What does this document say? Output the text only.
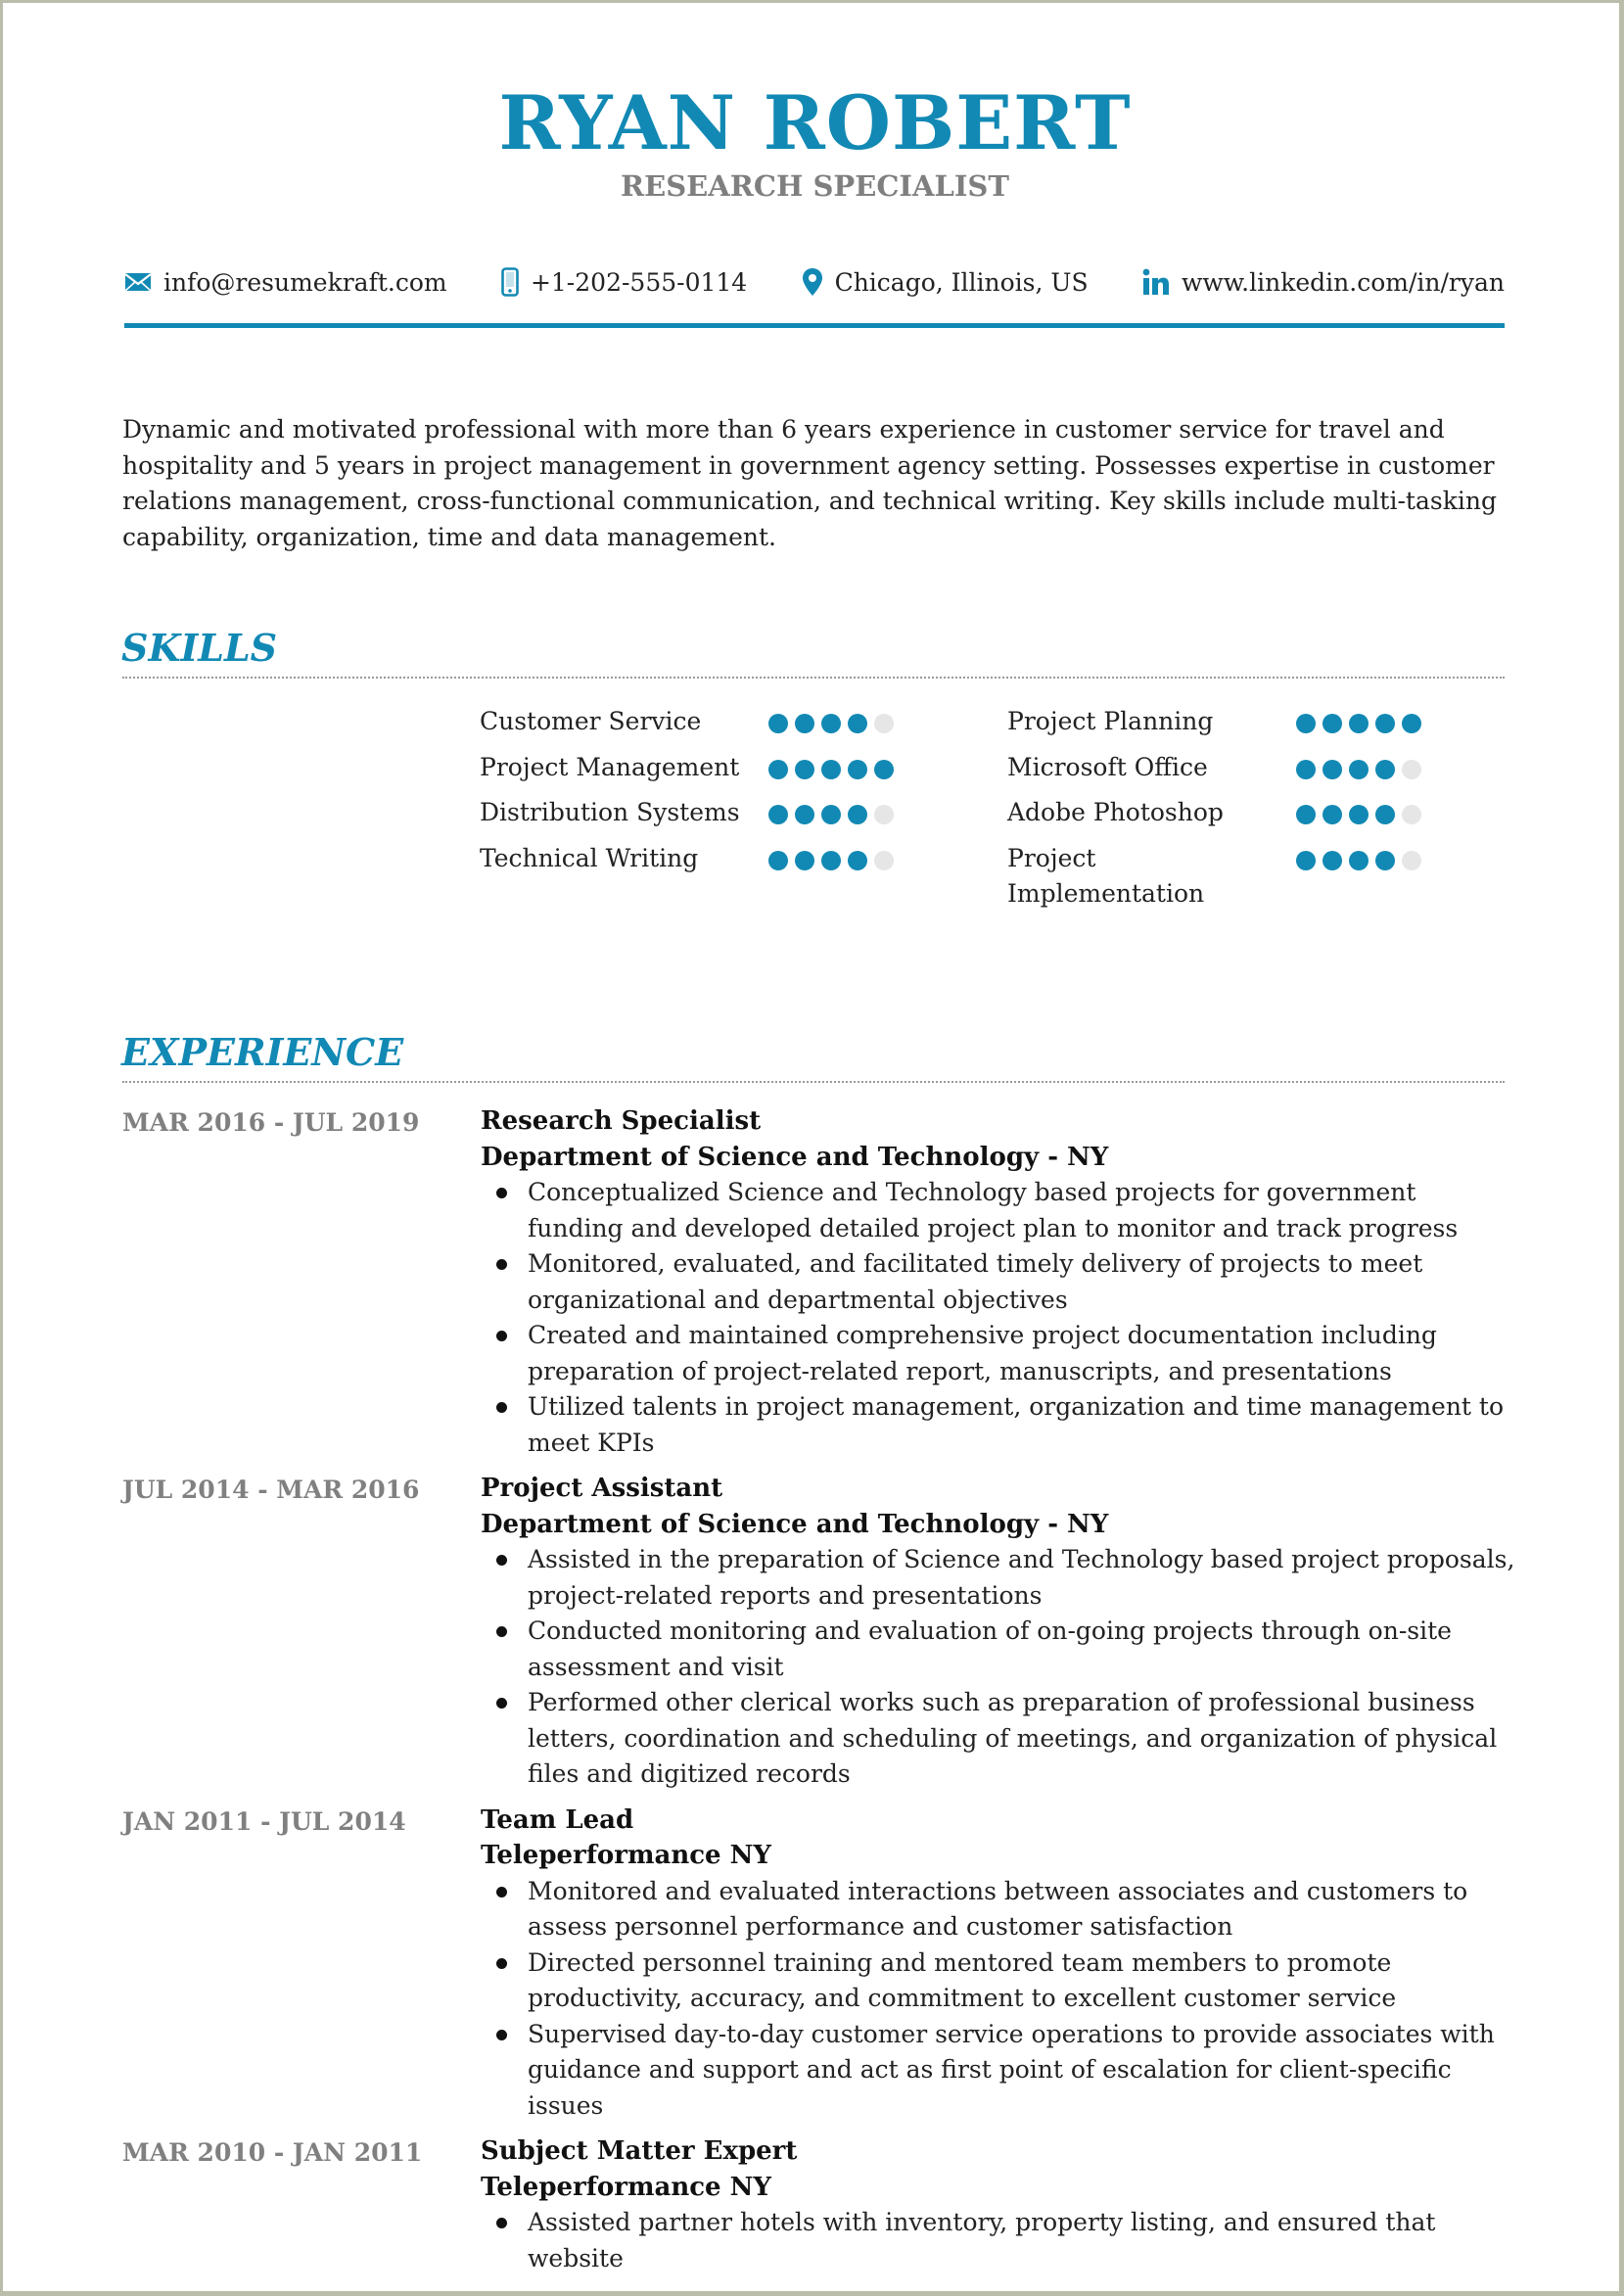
RYAN ROBERT
RESEARCH SPECIALIST
info@resumekraft.com	+1-202-555-0114	Chicago, Illinois, US	www.linkedin.com/in/ryan
Dynamic and motivated professional with more than 6 years experience in customer service for travel and hospitality and 5 years in project management in government agency setting. Possesses expertise in customer relations management, cross-functional communication, and technical writing. Key skills include multi-tasking capability, organization, time and data management.
SKILLS
Customer Service
Project Management
Distribution Systems
Technical Writing
Project Planning
Microsoft Office
Adobe Photoshop
Project Implementation
EXPERIENCE
MAR 2016 - JUL 2019 Research Specialist
Department of Science and Technology - NY
Conceptualized Science and Technology based projects for government funding and developed detailed project plan to monitor and track progress
Monitored, evaluated, and facilitated timely delivery of projects to meet organizational and departmental objectives
Created and maintained comprehensive project documentation including preparation of project-related report, manuscripts, and presentations
Utilized talents in project management, organization and time management to meet KPIs
JUL 2014 - MAR 2016 Project Assistant
Department of Science and Technology - NY
Assisted in the preparation of Science and Technology based project proposals, project-related reports and presentations
Conducted monitoring and evaluation of on-going projects through on-site assessment and visit
Performed other clerical works such as preparation of professional business letters, coordination and scheduling of meetings, and organization of physical files and digitized records
JAN 2011 - JUL 2014	Team Lead
Teleperformance NY
Monitored and evaluated interactions between associates and customers to assess personnel performance and customer satisfaction
Directed personnel training and mentored team members to promote productivity, accuracy, and commitment to excellent customer service
Supervised day-to-day customer service operations to provide associates with guidance and support and act as first point of escalation for client-specific issues
MAR 2010 - JAN 2011 Subject Matter Expert
Teleperformance NY
Assisted partner hotels with inventory, property listing, and ensured that website
